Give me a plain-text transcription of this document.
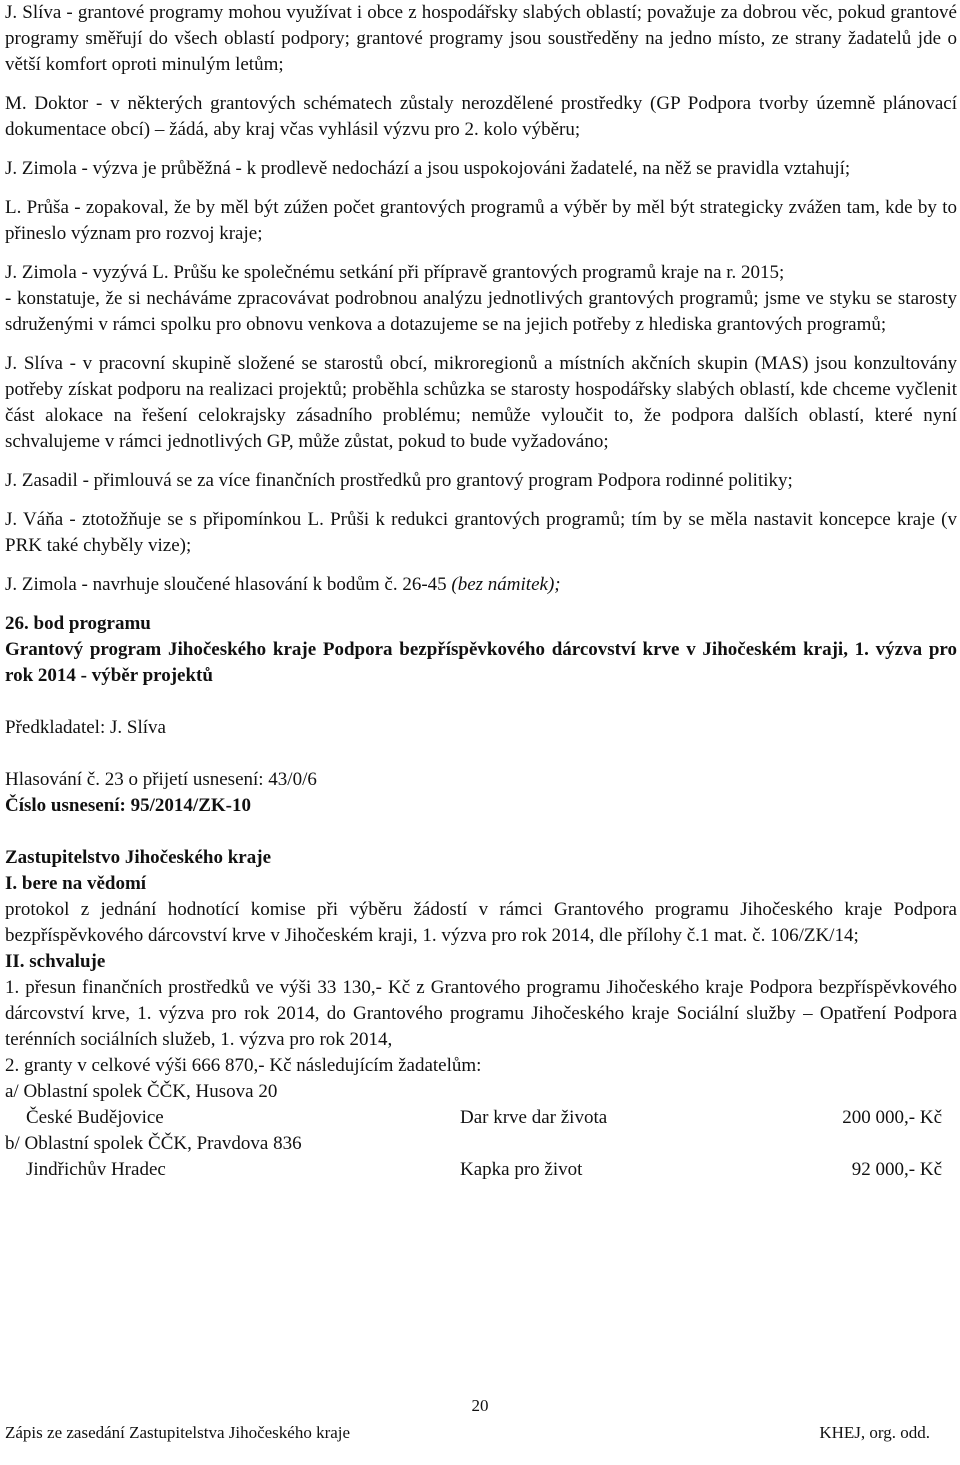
J. Slíva - grantové programy mohou využívat i obce z hospodářsky slabých oblastí; považuje za dobrou věc, pokud grantové programy směřují do všech oblastí podpory; grantové programy jsou soustředěny na jedno místo, ze strany žadatelů jde o větší komfort oproti minulým letům;

M. Doktor - v některých grantových schématech zůstaly nerozdělené prostředky (GP Podpora tvorby územně plánovací dokumentace obcí) – žádá, aby kraj včas vyhlásil výzvu pro 2. kolo výběru;

J. Zimola - výzva je průběžná - k prodlevě nedochází a jsou uspokojováni žadatelé, na něž se pravidla vztahují;

L. Průša - zopakoval, že by měl být zúžen počet grantových programů a výběr by měl být strategicky zvážen tam, kde by to přineslo význam pro rozvoj kraje;

J. Zimola - vyzývá L. Průšu ke společnému setkání při přípravě grantových programů kraje na r. 2015;

- konstatuje, že si necháváme zpracovávat podrobnou analýzu jednotlivých grantových programů; jsme ve styku se starosty sdruženými v rámci spolku pro obnovu venkova a dotazujeme se na jejich potřeby z hlediska grantových programů;

J. Slíva - v pracovní skupině složené se starostů obcí, mikroregionů a místních akčních skupin (MAS) jsou konzultovány potřeby získat podporu na realizaci projektů; proběhla schůzka se starosty hospodářsky slabých oblastí, kde chceme vyčlenit část alokace na řešení celokrajsky zásadního problému; nemůže vyloučit to, že podpora dalších oblastí, které nyní schvalujeme v rámci jednotlivých GP, může zůstat, pokud to bude vyžadováno;

J. Zasadil - přimlouvá se za více finančních prostředků pro grantový program Podpora rodinné politiky;

J. Váňa - ztotožňuje se s připomínkou L. Průši k redukci grantových programů; tím by se měla nastavit koncepce kraje (v PRK také chyběly vize);

J. Zimola - navrhuje sloučené hlasování k bodům č. 26-45 (bez námitek);

26. bod programu

Grantový program Jihočeského kraje Podpora bezpříspěvkového dárcovství krve v Jihočeském kraji, 1. výzva pro rok 2014 - výběr projektů

Předkladatel: J. Slíva

Hlasování č. 23 o přijetí usnesení: 43/0/6

Číslo usnesení: 95/2014/ZK-10

Zastupitelstvo Jihočeského kraje

I. bere na vědomí

protokol z jednání hodnotící komise při výběru žádostí v rámci Grantového programu Jihočeského kraje Podpora bezpříspěvkového dárcovství krve v Jihočeském kraji, 1. výzva pro rok 2014, dle přílohy č.1 mat. č. 106/ZK/14;

II. schvaluje

1. přesun finančních prostředků ve výši 33 130,- Kč z Grantového programu Jihočeského kraje Podpora bezpříspěvkového dárcovství krve, 1. výzva pro rok 2014, do Grantového programu Jihočeského kraje Sociální služby – Opatření Podpora terénních sociálních služeb, 1. výzva pro rok 2014,

2. granty v celkové výši 666 870,- Kč následujícím žadatelům:

a/ Oblastní spolek ČČK, Husova 20

České Budějovice	Dar krve dar života	200 000,- Kč

b/ Oblastní spolek ČČK, Pravdova 836

Jindřichův Hradec	Kapka pro život	92 000,- Kč
20
Zápis ze zasedání Zastupitelstva Jihočeského kraje	KHEJ, org. odd.
